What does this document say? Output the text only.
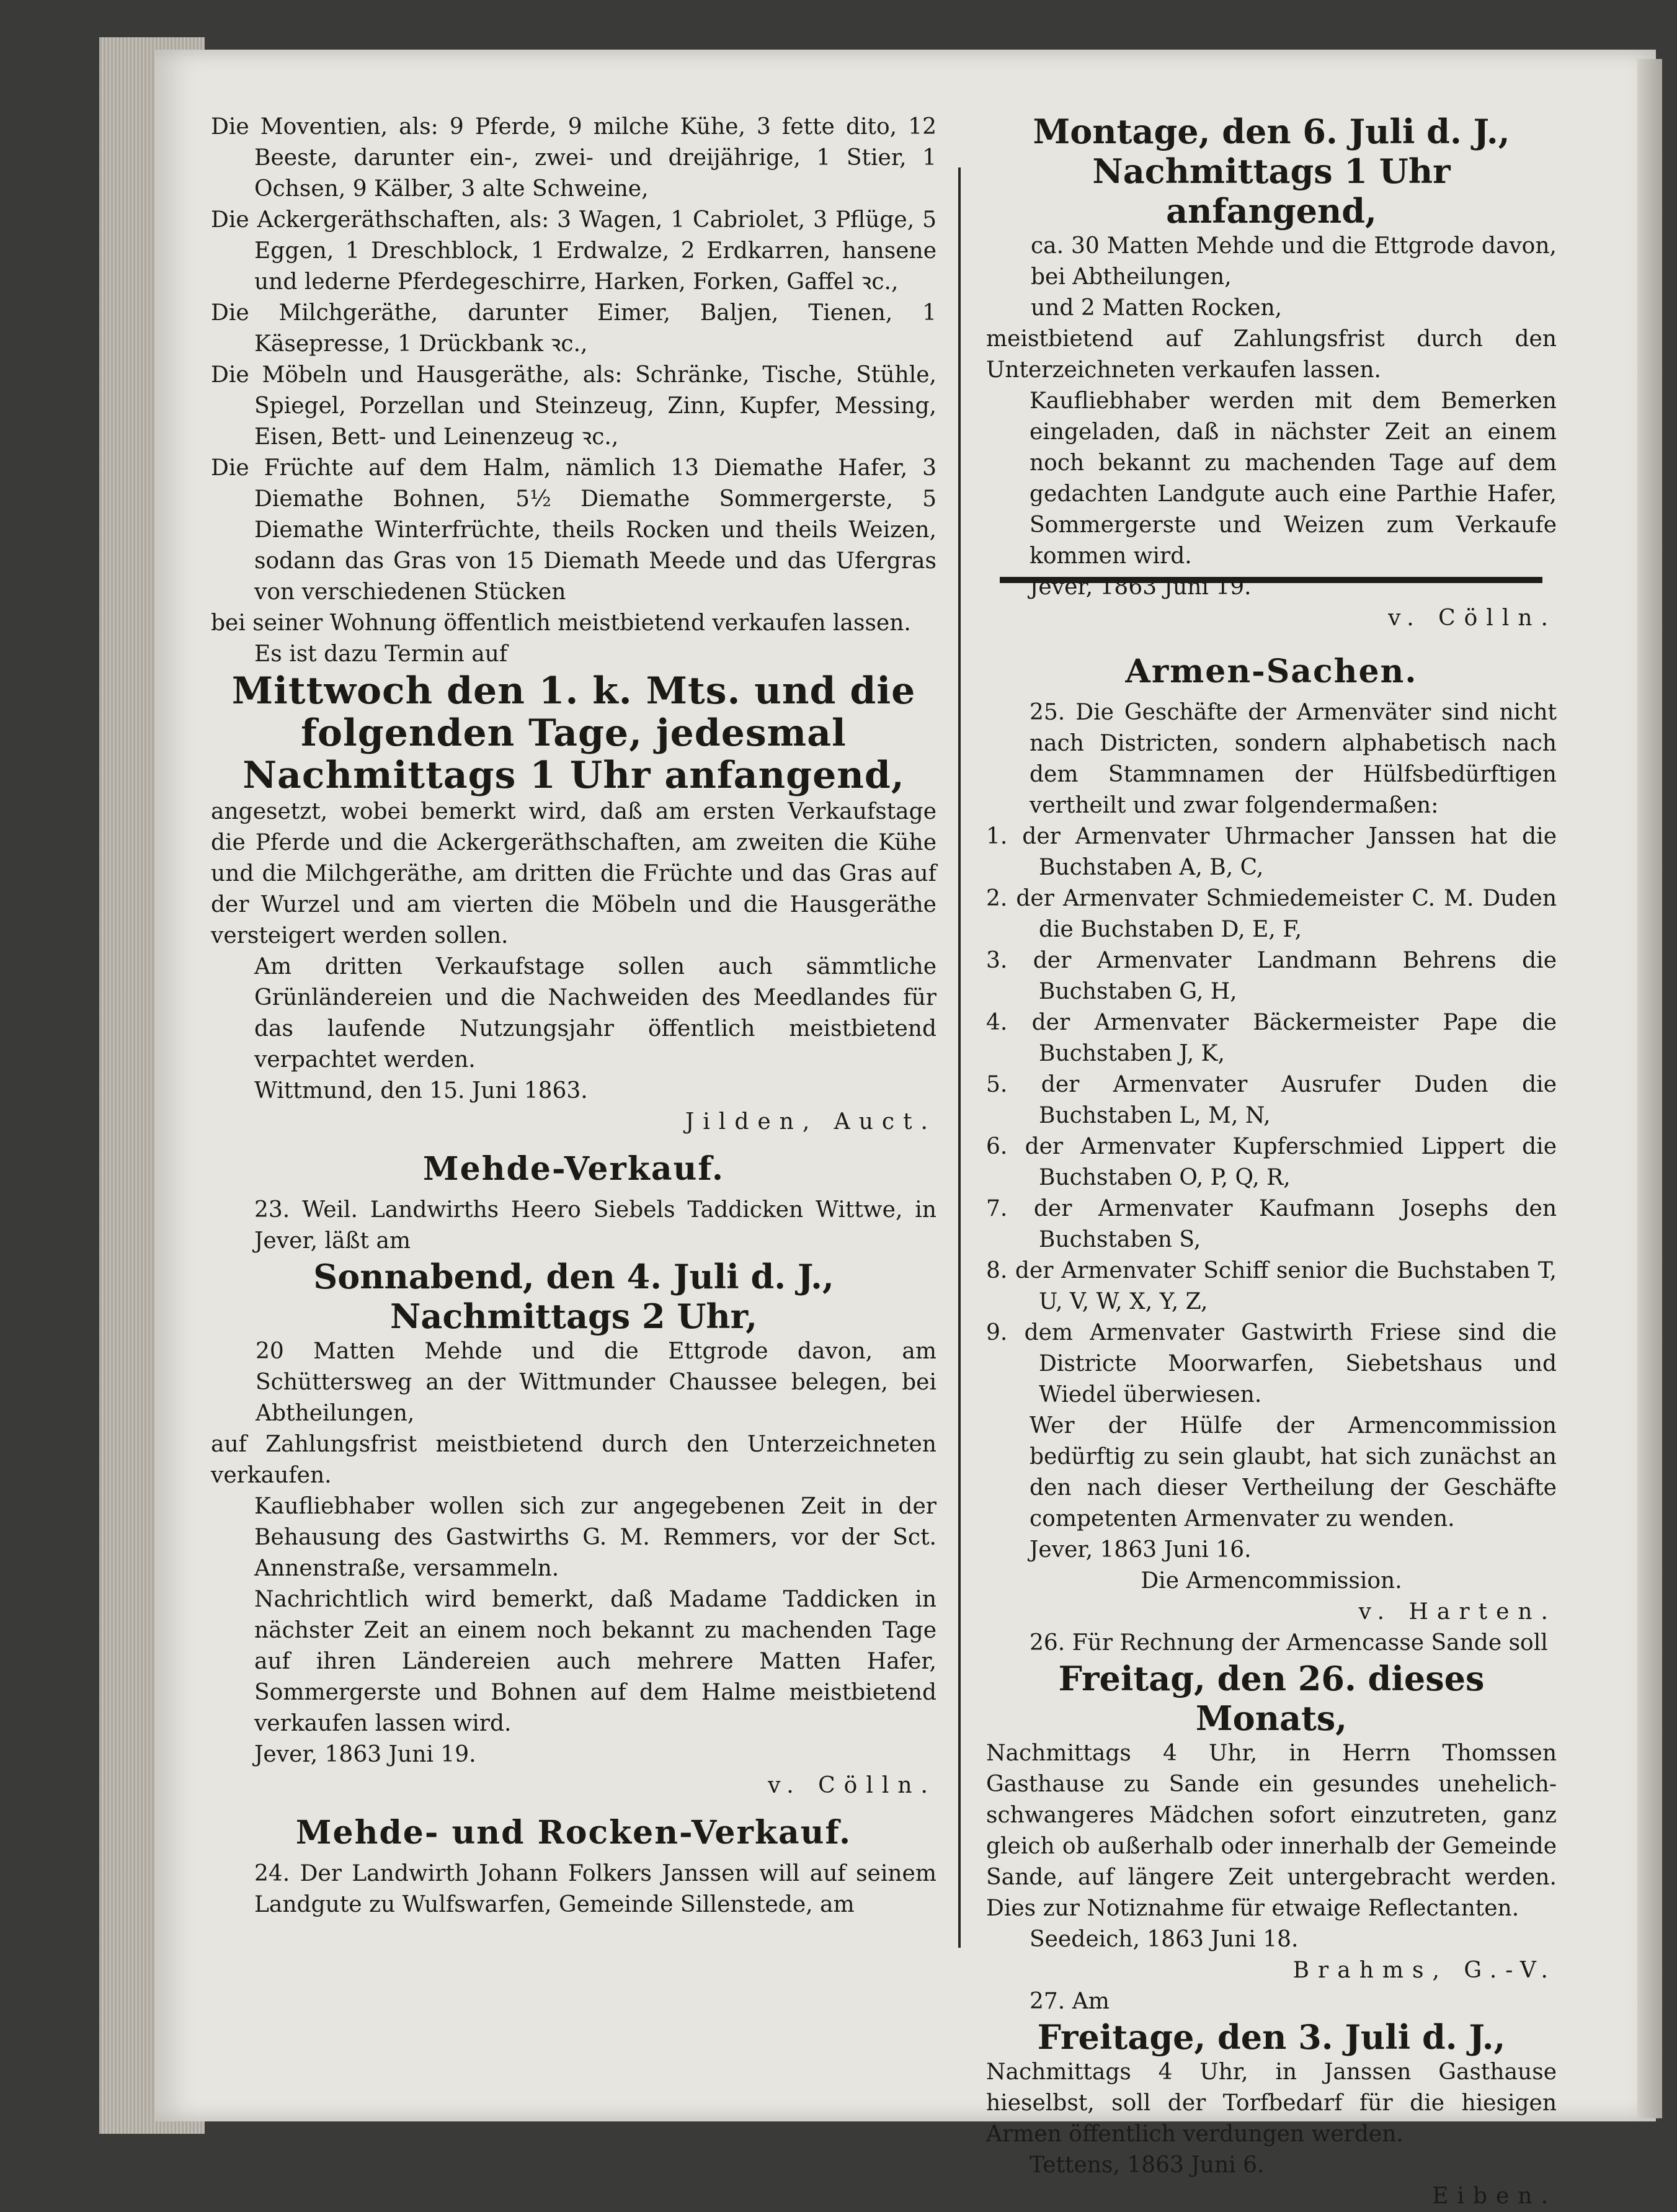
Die Moventien, als: 9 Pferde, 9 milche Kühe, 3 fette dito, 12 Beeste, darunter ein-, zwei- und dreijährige, 1 Stier, 1 Ochsen, 9 Kälber, 3 alte Schweine,

Die Ackergeräthschaften, als: 3 Wagen, 1 Cabriolet, 3 Pflüge, 5 Eggen, 1 Dreschblock, 1 Erdwalze, 2 Erdkarren, hansene und lederne Pferdegeschirre, Harken, Forken, Gaffel ꝛc.,

Die Milchgeräthe, darunter Eimer, Baljen, Tienen, 1 Käsepresse, 1 Drückbank ꝛc.,

Die Möbeln und Hausgeräthe, als: Schränke, Tische, Stühle, Spiegel, Porzellan und Steinzeug, Zinn, Kupfer, Messing, Eisen, Bett- und Leinenzeug ꝛc.,

Die Früchte auf dem Halm, nämlich 13 Diemathe Hafer, 3 Diemathe Bohnen, 5½ Diemathe Sommergerste, 5 Diemathe Winterfrüchte, theils Rocken und theils Weizen, sodann das Gras von 15 Diemath Meede und das Ufergras von verschiedenen Stücken

bei seiner Wohnung öffentlich meistbietend verkaufen lassen.

Es ist dazu Termin auf

Mittwoch den 1. k. Mts. und die folgenden Tage, jedesmal Nachmittags 1 Uhr anfangend,

angesetzt, wobei bemerkt wird, daß am ersten Verkaufstage die Pferde und die Ackergeräthschaften, am zweiten die Kühe und die Milchgeräthe, am dritten die Früchte und das Gras auf der Wurzel und am vierten die Möbeln und die Hausgeräthe versteigert werden sollen.

Am dritten Verkaufstage sollen auch sämmtliche Grünländereien und die Nachweiden des Meedlandes für das laufende Nutzungsjahr öffentlich meistbietend verpachtet werden.

Wittmund, den 15. Juni 1863.

Jilden, Auct.

Mehde-Verkauf.

23. Weil. Landwirths Heero Siebels Taddicken Wittwe, in Jever, läßt am

Sonnabend, den 4. Juli d. J.,

Nachmittags 2 Uhr,

20 Matten Mehde und die Ettgrode davon, am Schüttersweg an der Wittmunder Chaussee belegen, bei Abtheilungen,

auf Zahlungsfrist meistbietend durch den Unterzeichneten verkaufen.

Kaufliebhaber wollen sich zur angegebenen Zeit in der Behausung des Gastwirths G. M. Remmers, vor der Sct. Annenstraße, versammeln.

Nachrichtlich wird bemerkt, daß Madame Taddicken in nächster Zeit an einem noch bekannt zu machenden Tage auf ihren Ländereien auch mehrere Matten Hafer, Sommergerste und Bohnen auf dem Halme meistbietend verkaufen lassen wird.

Jever, 1863 Juni 19.

v. Cölln.

Mehde- und Rocken-Verkauf.

24. Der Landwirth Johann Folkers Janssen will auf seinem Landgute zu Wulfswarfen, Gemeinde Sillenstede, am

Montage, den 6. Juli d. J.,

Nachmittags 1 Uhr anfangend,

ca. 30 Matten Mehde und die Ettgrode davon, bei Abtheilungen,

und 2 Matten Rocken,

meistbietend auf Zahlungsfrist durch den Unterzeichneten verkaufen lassen.

Kaufliebhaber werden mit dem Bemerken eingeladen, daß in nächster Zeit an einem noch bekannt zu machenden Tage auf dem gedachten Landgute auch eine Parthie Hafer, Sommergerste und Weizen zum Verkaufe kommen wird.

Jever, 1863 Juni 19.

v. Cölln.

Armen-Sachen.

25. Die Geschäfte der Armenväter sind nicht nach Districten, sondern alphabetisch nach dem Stammnamen der Hülfsbedürftigen vertheilt und zwar folgendermaßen:

1. der Armenvater Uhrmacher Janssen hat die Buchstaben A, B, C,

2. der Armenvater Schmiedemeister C. M. Duden die Buchstaben D, E, F,

3. der Armenvater Landmann Behrens die Buchstaben G, H,

4. der Armenvater Bäckermeister Pape die Buchstaben J, K,

5. der Armenvater Ausrufer Duden die Buchstaben L, M, N,

6. der Armenvater Kupferschmied Lippert die Buchstaben O, P, Q, R,

7. der Armenvater Kaufmann Josephs den Buchstaben S,

8. der Armenvater Schiff senior die Buchstaben T, U, V, W, X, Y, Z,

9. dem Armenvater Gastwirth Friese sind die Districte Moorwarfen, Siebetshaus und Wiedel überwiesen.

Wer der Hülfe der Armencommission bedürftig zu sein glaubt, hat sich zunächst an den nach dieser Vertheilung der Geschäfte competenten Armenvater zu wenden.

Jever, 1863 Juni 16.

Die Armencommission.

v. Harten.

26. Für Rechnung der Armencasse Sande soll

Freitag, den 26. dieses Monats,

Nachmittags 4 Uhr, in Herrn Thomssen Gasthause zu Sande ein gesundes unehelich-schwangeres Mädchen sofort einzutreten, ganz gleich ob außerhalb oder innerhalb der Gemeinde Sande, auf längere Zeit untergebracht werden. Dies zur Notiznahme für etwaige Reflectanten.

Seedeich, 1863 Juni 18.

Brahms, G.-V.

27. Am

Freitage, den 3. Juli d. J.,

Nachmittags 4 Uhr, in Janssen Gasthause hieselbst, soll der Torfbedarf für die hiesigen Armen öffentlich verdungen werden.

Tettens, 1863 Juni 6.

Eiben.
